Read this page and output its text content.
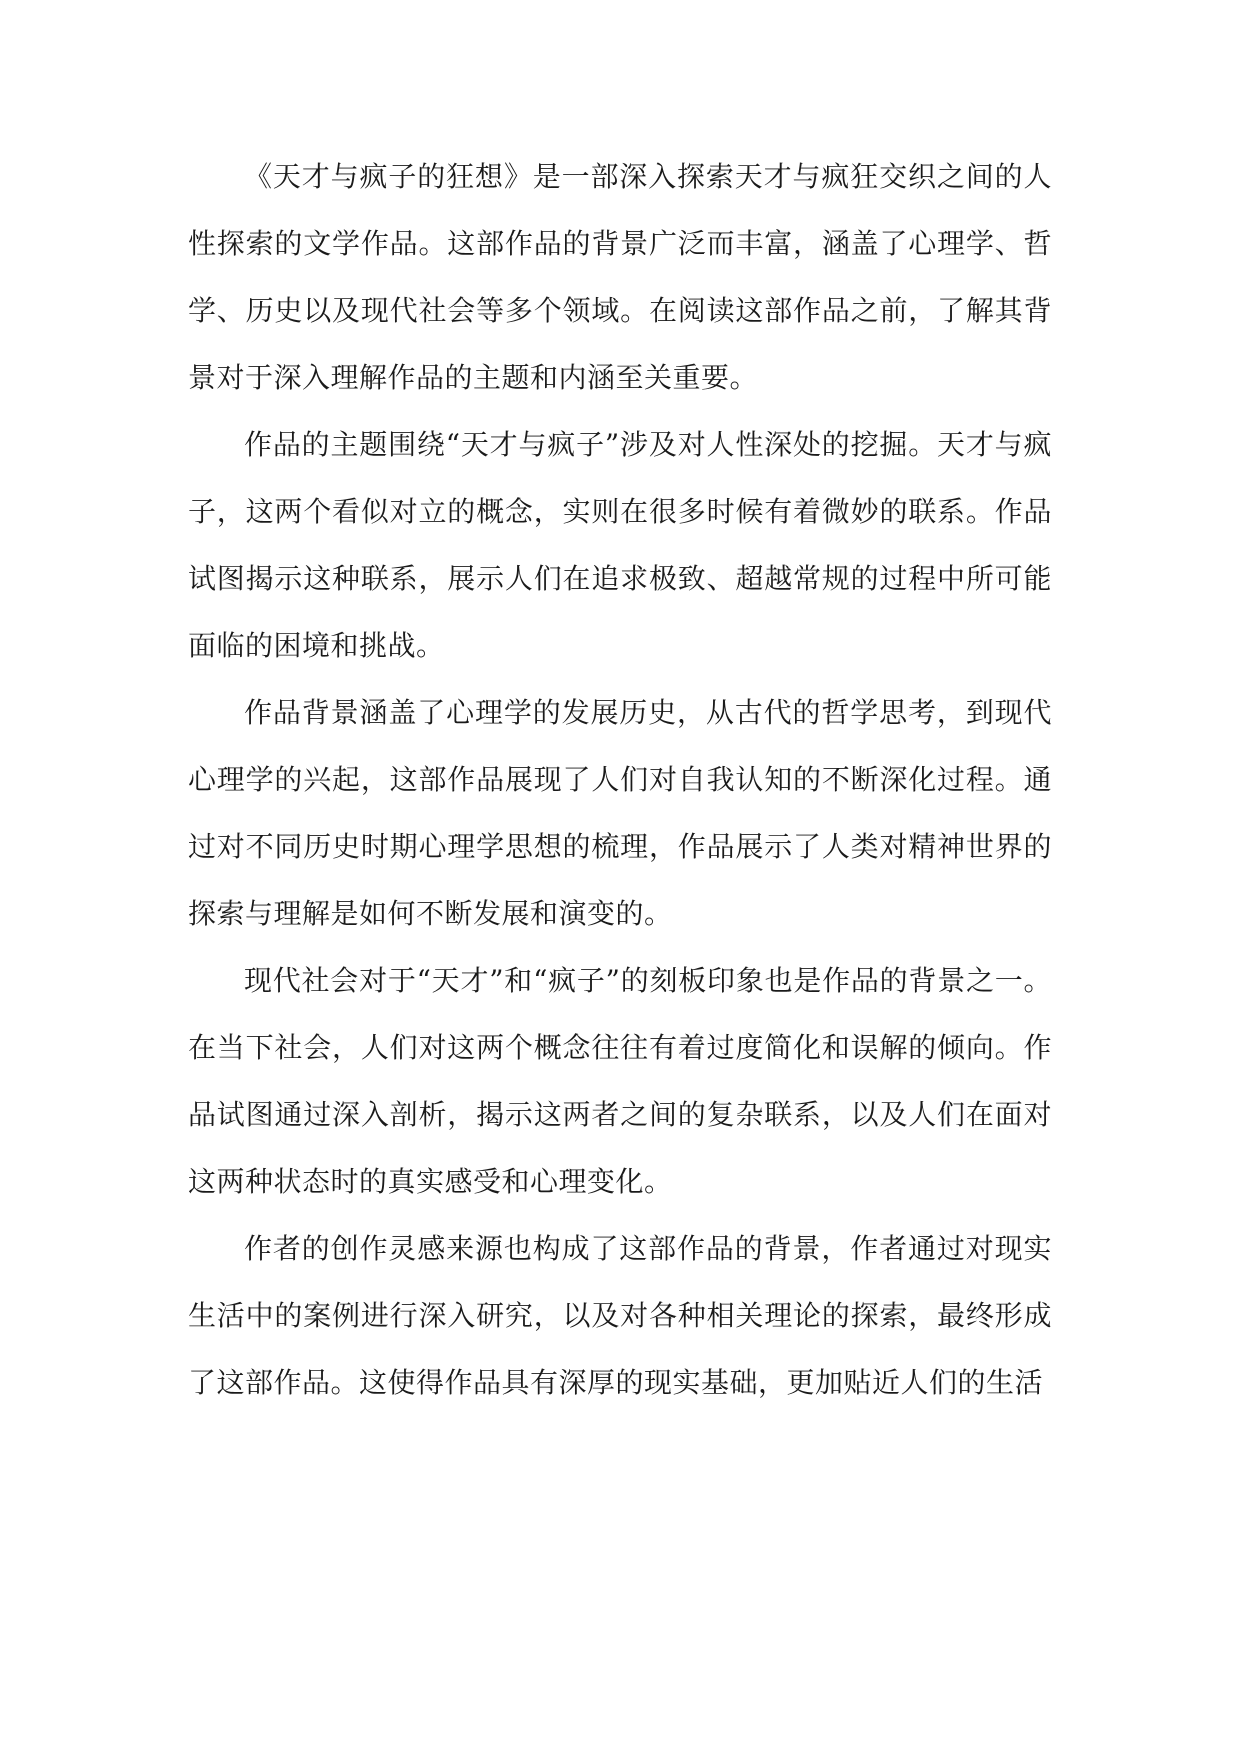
《天才与疯子的狂想》是一部深入探索天才与疯狂交织之间的人性探索的文学作品。这部作品的背景广泛而丰富，涵盖了心理学、哲学、历史以及现代社会等多个领域。在阅读这部作品之前，了解其背景对于深入理解作品的主题和内涵至关重要。

作品的主题围绕“天才与疯子”涉及对人性深处的挖掘。天才与疯子，这两个看似对立的概念，实则在很多时候有着微妙的联系。作品试图揭示这种联系，展示人们在追求极致、超越常规的过程中所可能面临的困境和挑战。

作品背景涵盖了心理学的发展历史，从古代的哲学思考，到现代心理学的兴起，这部作品展现了人们对自我认知的不断深化过程。通过对不同历史时期心理学思想的梳理，作品展示了人类对精神世界的探索与理解是如何不断发展和演变的。

现代社会对于“天才”和“疯子”的刻板印象也是作品的背景之一。在当下社会，人们对这两个概念往往有着过度简化和误解的倾向。作品试图通过深入剖析，揭示这两者之间的复杂联系，以及人们在面对这两种状态时的真实感受和心理变化。

作者的创作灵感来源也构成了这部作品的背景，作者通过对现实生活中的案例进行深入研究，以及对各种相关理论的探索，最终形成了这部作品。这使得作品具有深厚的现实基础，更加贴近人们的生活
